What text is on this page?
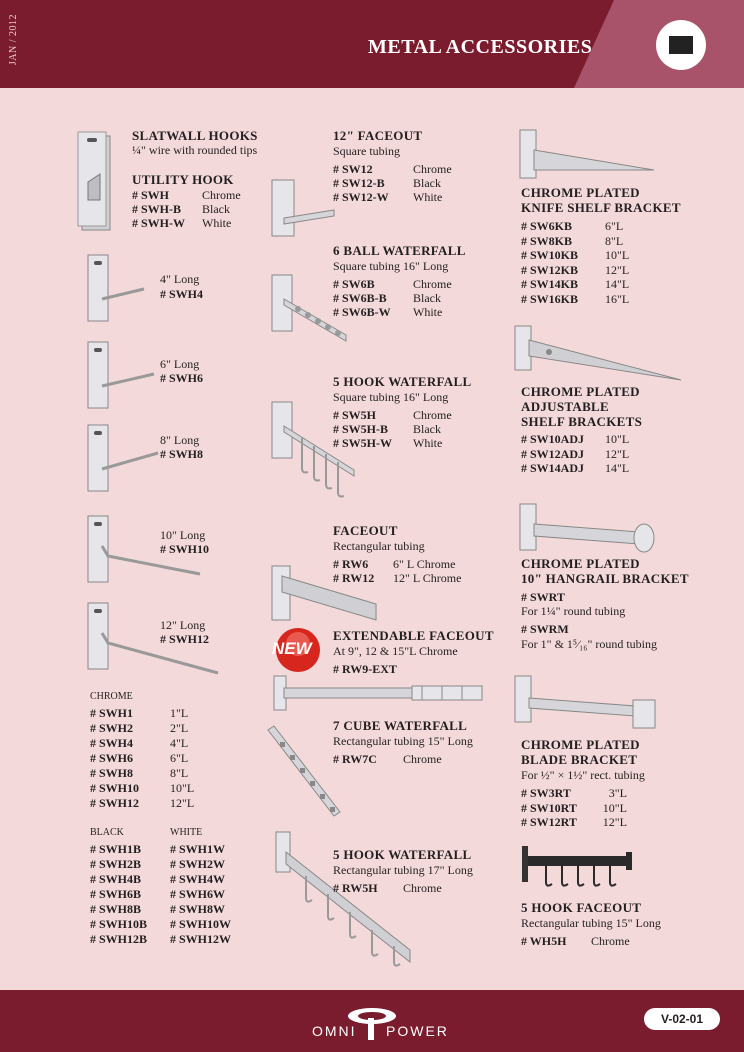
JAN / 2012	METAL ACCESSORIES
SLATWALL HOOKS
¼" wire with rounded tips
UTILITY HOOK
# SWH	Chrome
# SWH-B Black
# SWH-W White
4" Long
# SWH4
6" Long
# SWH6
8" Long
# SWH8
10" Long
# SWH10
12" Long
# SWH12
CHROME
# SWH1	1"L
# SWH2	2"L
# SWH4	4"L
# SWH6	6"L
# SWH8	8"L
# SWH10	10"L
# SWH12	12"L
BLACK	WHITE
# SWH1B # SWH1W
# SWH2B # SWH2W
# SWH4B # SWH4W
# SWH6B # SWH6W
# SWH8B # SWH8W
# SWH10B # SWH10W
# SWH12B # SWH12W
12" FACEOUT
Square tubing
# SW12	Chrome
# SW12-B Black
# SW12-W White
6 BALL WATERFALL
Square tubing 16" Long
# SW6B	Chrome
# SW6B-B Black
# SW6B-W White
5 HOOK WATERFALL
Square tubing 16" Long
# SW5H	Chrome
# SW5H-B Black
# SW5H-W White
FACEOUT
Rectangular tubing
# RW6 6" L Chrome
# RW12 12" L Chrome
NEW
EXTENDABLE FACEOUT
At 9", 12 & 15"L Chrome
# RW9-EXT
7 CUBE WATERFALL
Rectangular tubing 15" Long
# RW7C Chrome
5 HOOK WATERFALL
Rectangular tubing 17" Long
# RW5H Chrome
CHROME PLATED
KNIFE SHELF BRACKET
# SW6KB	6"L
# SW8KB	8"L
# SW10KB 10"L
# SW12KB 12"L
# SW14KB 14"L
# SW16KB 16"L
CHROME PLATED
ADJUSTABLE
SHELF BRACKETS
# SW10ADJ 10"L
# SW12ADJ 12"L
# SW14ADJ 14"L
CHROME PLATED
10" HANGRAIL BRACKET
# SWRT
For 1¼" round tubing
# SWRM
For 1" & 1⁵⁄₁₆" round tubing
CHROME PLATED
BLADE BRACKET
For ½" × 1½" rect. tubing
# SW3RT	3"L
# SW10RT 10"L
# SW12RT 12"L
5 HOOK FACEOUT
Rectangular tubing 15" Long
# WH5H Chrome
OMNI POWER
V-02-01
